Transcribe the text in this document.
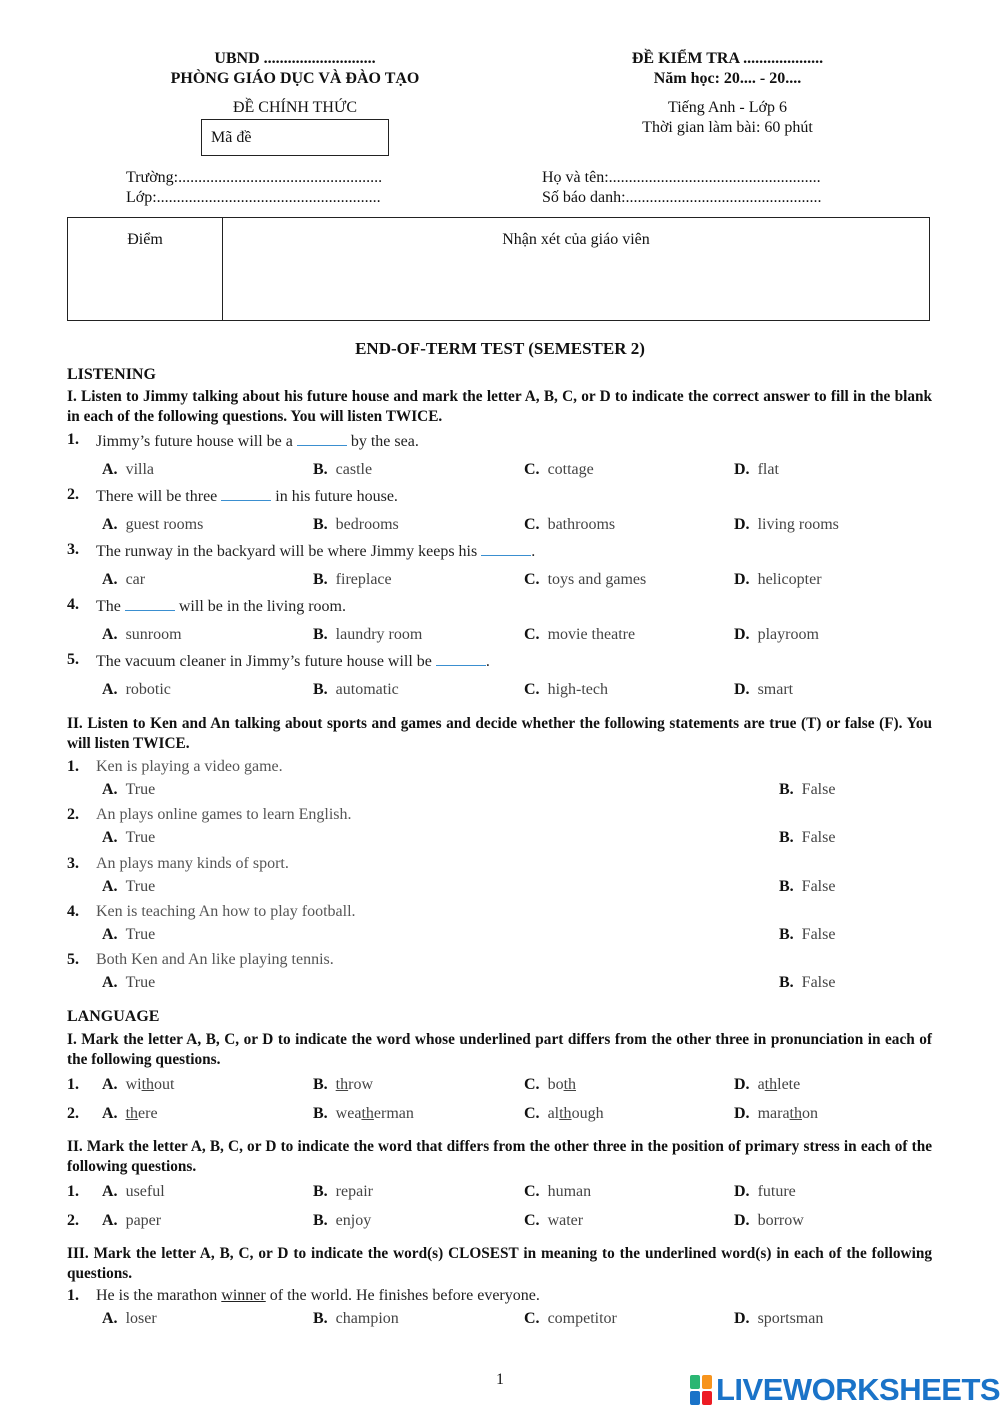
UBND ............................
PHÒNG GIÁO DỤC VÀ ĐÀO TẠO
ĐỀ CHÍNH THỨC
Mã đề
ĐỀ KIỂM TRA ....................
Năm học: 20.... - 20....
Tiếng Anh - Lớp 6
Thời gian làm bài: 60 phút
Trường:...................................................
Lớp:........................................................
Họ và tên:.....................................................
Số báo danh:.................................................
Điểm	Nhận xét của giáo viên
END-OF-TERM TEST (SEMESTER 2)
LISTENING
I. Listen to Jimmy talking about his future house and mark the letter A, B, C, or D to indicate the correct answer to fill in the blank in each of the following questions. You will listen TWICE.
1. Jimmy’s future house will be a	by the sea.
A. villa	B. castle	C. cottage	D. flat
2. There will be three	in his future house.
A. guest rooms	B. bedrooms	C. bathrooms	D. living rooms
3. The runway in the backyard will be where Jimmy keeps his	.
A. car	B. fireplace	C. toys and games	D. helicopter
4. The	will be in the living room.
A. sunroom	B. laundry room	C. movie theatre	D. playroom
5. The vacuum cleaner in Jimmy’s future house will be	.
A. robotic	B. automatic	C. high-tech	D. smart
II. Listen to Ken and An talking about sports and games and decide whether the following statements are true (T) or false (F). You will listen TWICE.
1. Ken is playing a video game.
A. True	B. False
2. An plays online games to learn English.
A. True	B. False
3. An plays many kinds of sport.
A. True	B. False
4. Ken is teaching An how to play football.
A. True	B. False
5. Both Ken and An like playing tennis.
A. True	B. False
LANGUAGE
I. Mark the letter A, B, C, or D to indicate the word whose underlined part differs from the other three in pronunciation in each of the following questions.
1. A. without	B. throw	C. both	D. athlete
2. A. there	B. weatherman	C. although	D. marathon
II. Mark the letter A, B, C, or D to indicate the word that differs from the other three in the position of primary stress in each of the following questions.
1. A. useful	B. repair	C. human	D. future
2. A. paper	B. enjoy	C. water	D. borrow
III. Mark the letter A, B, C, or D to indicate the word(s) CLOSEST in meaning to the underlined word(s) in each of the following questions.
1. He is the marathon winner of the world. He finishes before everyone.
A. loser	B. champion	C. competitor	D. sportsman
1	LIVEWORKSHEETS
